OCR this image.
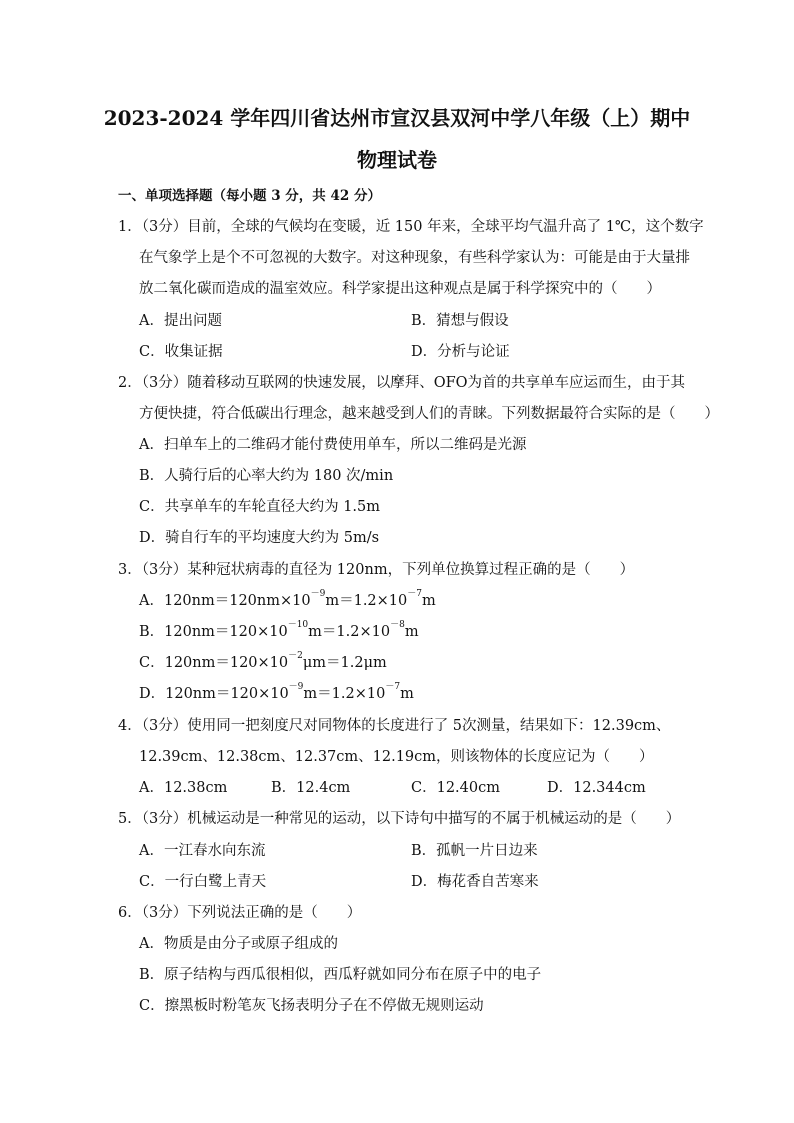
2023-2024 学年四川省达州市宣汉县双河中学八年级（上）期中
物理试卷
一、单项选择题（每小题 3 分，共 42 分）
1．（3分）目前，全球的气候均在变暖，近 150 年来，全球平均气温升高了 1℃，这个数字
在气象学上是个不可忽视的大数字。对这种现象，有些科学家认为：可能是由于大量排
放二氧化碳而造成的温室效应。科学家提出这种观点是属于科学探究中的（　　）
A．提出问题	B．猜想与假设
C．收集证据	D．分析与论证
2．（3分）随着移动互联网的快速发展，以摩拜、OFO为首的共享单车应运而生，由于其
方便快捷，符合低碳出行理念，越来越受到人们的青睐。下列数据最符合实际的是（　　）
A．扫单车上的二维码才能付费使用单车，所以二维码是光源
B．人骑行后的心率大约为 180 次/min
C．共享单车的车轮直径大约为 1.5m
D．骑自行车的平均速度大约为 5m/s
3．（3分）某种冠状病毒的直径为 120nm，下列单位换算过程正确的是（　　）
A．$120nm=120nm\times 10^{-9}m=1.2\times 10^{-7}m$
B．$120nm=120\times 10^{-10}m=1.2\times 10^{-8}m$
C．$120nm=120\times 10^{-2}\mu m=1.2\mu m$
D．$120nm=120\times 10^{-9}m=1.2\times 10^{-7}m$
4．（3分）使用同一把刻度尺对同物体的长度进行了 5次测量，结果如下：12.39cm、
12.39cm、12.38cm、12.37cm、12.19cm，则该物体的长度应记为（　　）
A．12.38cm	B．12.4cm	C．12.40cm	D．12.344cm
5．（3分）机械运动是一种常见的运动，以下诗句中描写的不属于机械运动的是（　　）
A．一江春水向东流	B．孤帆一片日边来
C．一行白鹭上青天	D．梅花香自苦寒来
6．（3分）下列说法正确的是（　　）
A．物质是由分子或原子组成的
B．原子结构与西瓜很相似，西瓜籽就如同分布在原子中的电子
C．擦黑板时粉笔灰飞扬表明分子在不停做无规则运动
